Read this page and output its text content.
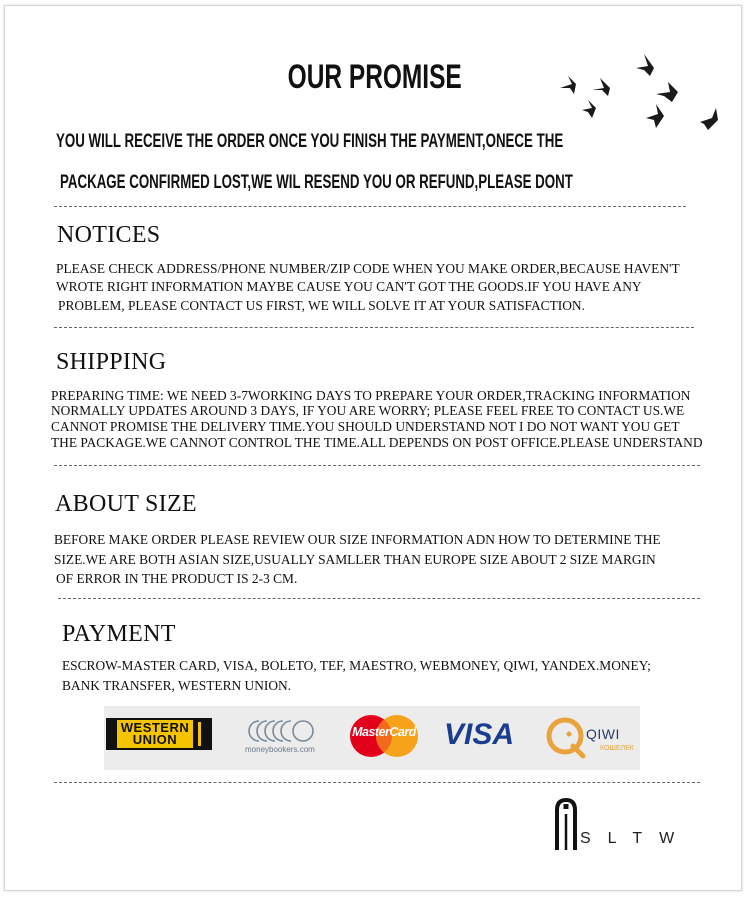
OUR PROMISE
YOU WILL RECEIVE THE ORDER ONCE YOU FINISH THE PAYMENT,ONECE THE
PACKAGE CONFIRMED LOST,WE WIL RESEND YOU OR REFUND,PLEASE DONT
NOTICES
PLEASE CHECK ADDRESS/PHONE NUMBER/ZIP CODE WHEN YOU MAKE ORDER,BECAUSE HAVEN'T
WROTE RIGHT INFORMATION MAYBE CAUSE YOU CAN'T GOT THE GOODS.IF YOU HAVE ANY
PROBLEM, PLEASE CONTACT US FIRST, WE WILL SOLVE IT AT YOUR SATISFACTION.
SHIPPING
PREPARING TIME: WE NEED 3-7WORKING DAYS TO PREPARE YOUR ORDER,TRACKING INFORMATION
NORMALLY UPDATES AROUND 3 DAYS, IF YOU ARE WORRY; PLEASE FEEL FREE TO CONTACT US.WE
CANNOT PROMISE THE DELIVERY TIME.YOU SHOULD UNDERSTAND NOT I DO NOT WANT YOU GET
THE PACKAGE.WE CANNOT CONTROL THE TIME.ALL DEPENDS ON POST OFFICE.PLEASE UNDERSTAND
ABOUT SIZE
BEFORE MAKE ORDER PLEASE REVIEW OUR SIZE INFORMATION ADN HOW TO DETERMINE THE
SIZE.WE ARE BOTH ASIAN SIZE,USUALLY SAMLLER THAN EUROPE SIZE ABOUT 2 SIZE MARGIN
OF ERROR IN THE PRODUCT IS 2-3 CM.
PAYMENT
ESCROW-MASTER CARD, VISA, BOLETO, TEF, MAESTRO, WEBMONEY, QIWI, YANDEX.MONEY;
BANK TRANSFER, WESTERN UNION.
WESTERN
UNION
moneybookers.com
MasterCard VISA	QIWI
КОШЕЛЕК
SLTW
